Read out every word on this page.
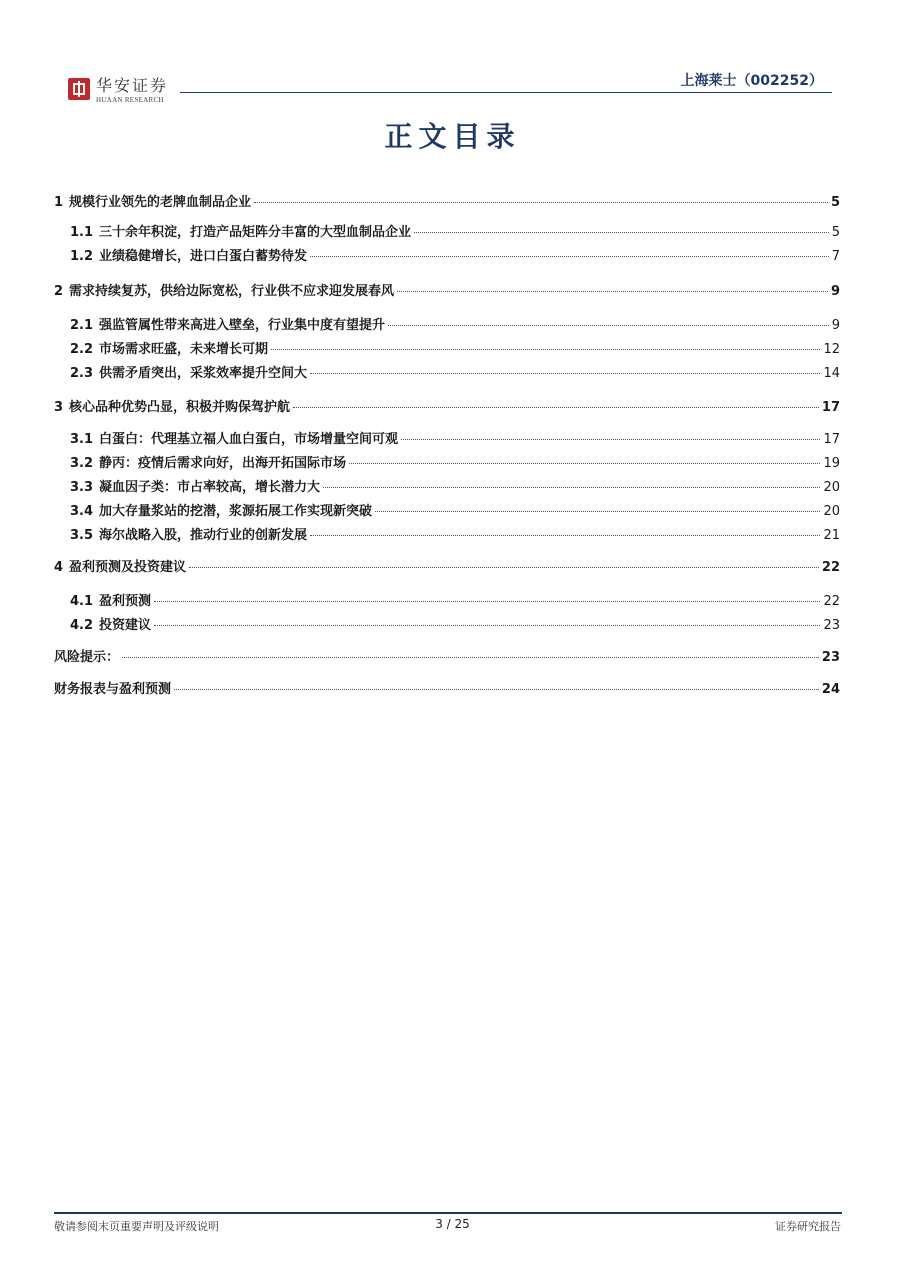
华安证券
HUAAN RESEARCH
上海莱士（002252）
正文目录
1 规模行业领先的老牌血制品企业	5
1.1 三十余年积淀，打造产品矩阵分丰富的大型血制品企业	5
1.2 业绩稳健增长，进口白蛋白蓄势待发	7
2 需求持续复苏，供给边际宽松，行业供不应求迎发展春风	9
2.1 强监管属性带来高进入壁垒，行业集中度有望提升	9
2.2 市场需求旺盛，未来增长可期	12
2.3 供需矛盾突出，采浆效率提升空间大	14
3 核心品种优势凸显，积极并购保驾护航	17
3.1 白蛋白：代理基立福人血白蛋白，市场增量空间可观	17
3.2 静丙：疫情后需求向好，出海开拓国际市场	19
3.3 凝血因子类：市占率较高，增长潜力大	20
3.4 加大存量浆站的挖潜，浆源拓展工作实现新突破	20
3.5 海尔战略入股，推动行业的创新发展	21
4 盈利预测及投资建议	22
4.1 盈利预测	22
4.2 投资建议	23
风险提示：	23
财务报表与盈利预测	24
敬请参阅末页重要声明及评级说明	3 / 25	证券研究报告
